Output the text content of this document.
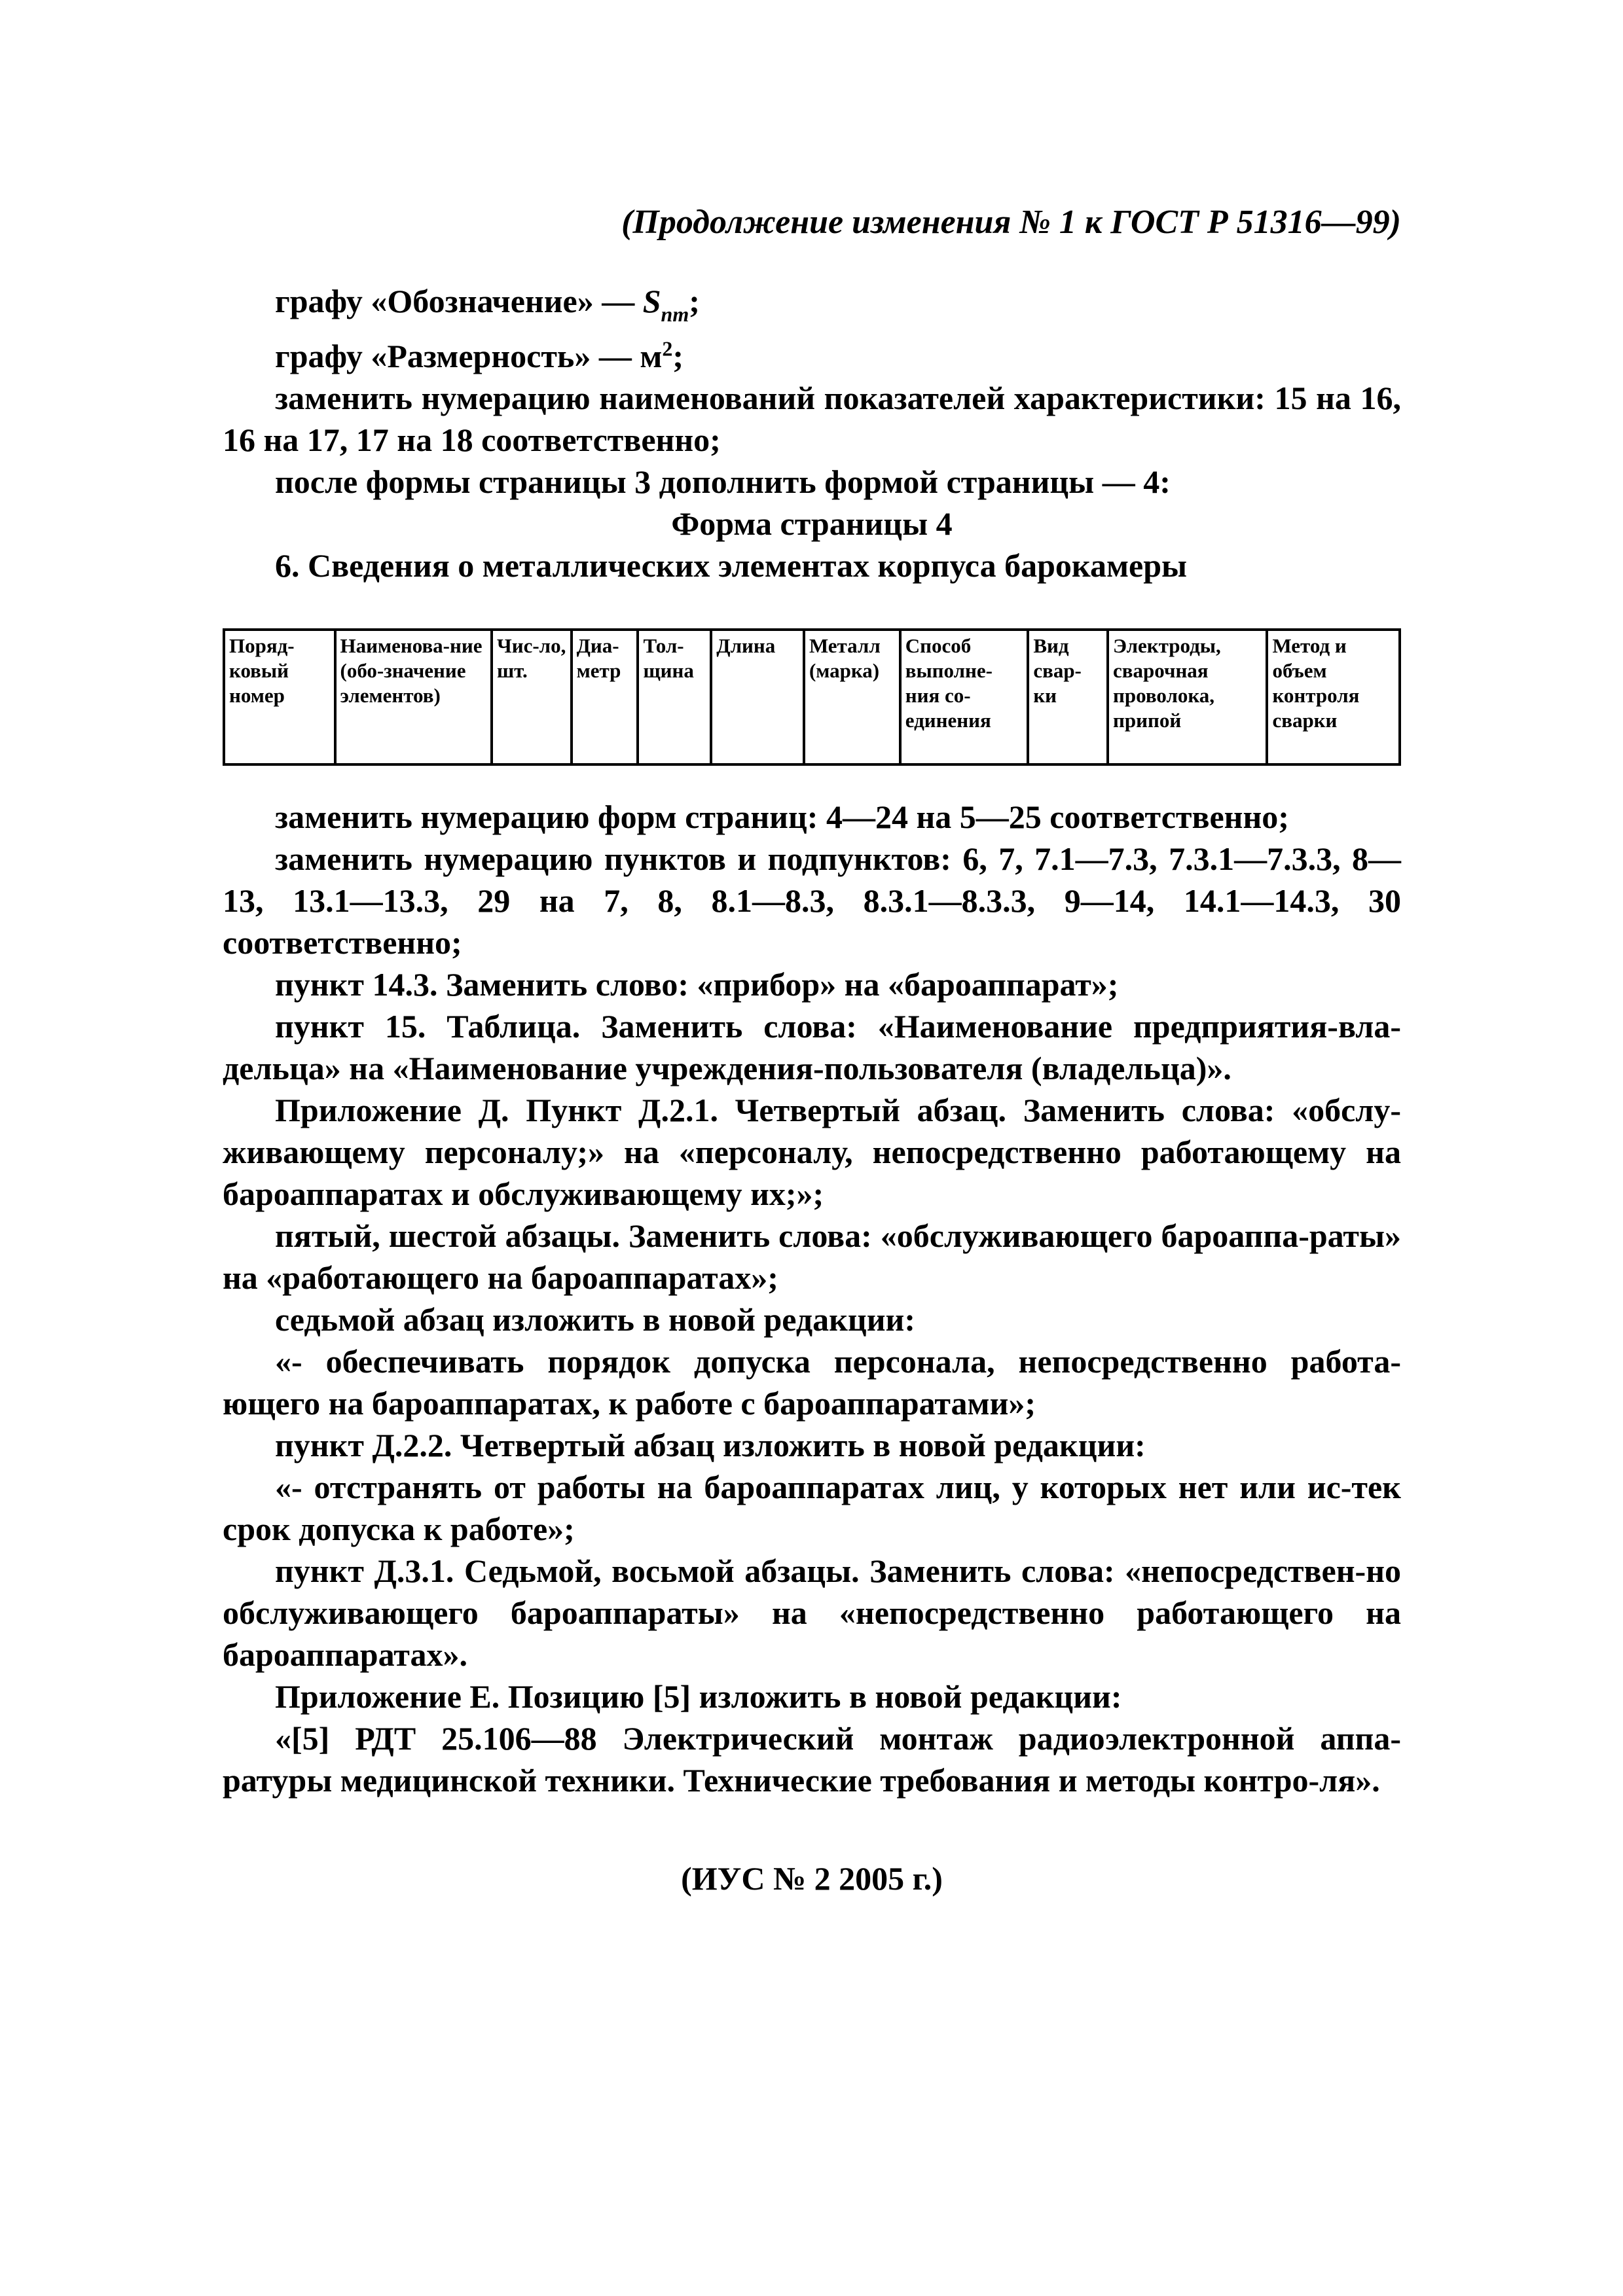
(Продолжение изменения № 1 к ГОСТ Р 51316—99)

графу «Обозначение» — $S_{пт}$;

графу «Размерность» — $м^2$;

заменить нумерацию наименований показателей характеристики: 15 на 16, 16 на 17, 17 на 18 соответственно;

после формы страницы 3 дополнить формой страницы — 4:

Форма страницы 4

6. Сведения о металлических элементах корпуса барокамеры

Поряд-ковый номер	Наименова-ние (обо-значение элементов)	Чис-ло, шт.	Диа-метр	Тол-щина	Длина	Металл (марка)	Способ выполне-ния со-единения	Вид свар-ки	Электроды, сварочная проволока, припой	Метод и объем контроля сварки

заменить нумерацию форм страниц: 4—24 на 5—25 соответственно;

заменить нумерацию пунктов и подпунктов: 6, 7, 7.1—7.3, 7.3.1—7.3.3, 8—13, 13.1—13.3, 29 на 7, 8, 8.1—8.3, 8.3.1—8.3.3, 9—14, 14.1—14.3, 30 соответственно;

пункт 14.3. Заменить слово: «прибор» на «бароаппарат»;

пункт 15. Таблица. Заменить слова: «Наименование предприятия-вла-дельца» на «Наименование учреждения-пользователя (владельца)».

Приложение Д. Пункт Д.2.1. Четвертый абзац. Заменить слова: «обслу-живающему персоналу;» на «персоналу, непосредственно работающему на бароаппаратах и обслуживающему их;»;

пятый, шестой абзацы. Заменить слова: «обслуживающего бароаппа-раты» на «работающего на бароаппаратах»;

седьмой абзац изложить в новой редакции:

«- обеспечивать порядок допуска персонала, непосредственно работа-ющего на бароаппаратах, к работе с бароаппаратами»;

пункт Д.2.2. Четвертый абзац изложить в новой редакции:

«- отстранять от работы на бароаппаратах лиц, у которых нет или ис-тек срок допуска к работе»;

пункт Д.3.1. Седьмой, восьмой абзацы. Заменить слова: «непосредствен-но обслуживающего бароаппараты» на «непосредственно работающего на бароаппаратах».

Приложение Е. Позицию [5] изложить в новой редакции:

«[5] РДТ 25.106—88 Электрический монтаж радиоэлектронной аппа-ратуры медицинской техники. Технические требования и методы контро-ля».

(ИУС № 2 2005 г.)
